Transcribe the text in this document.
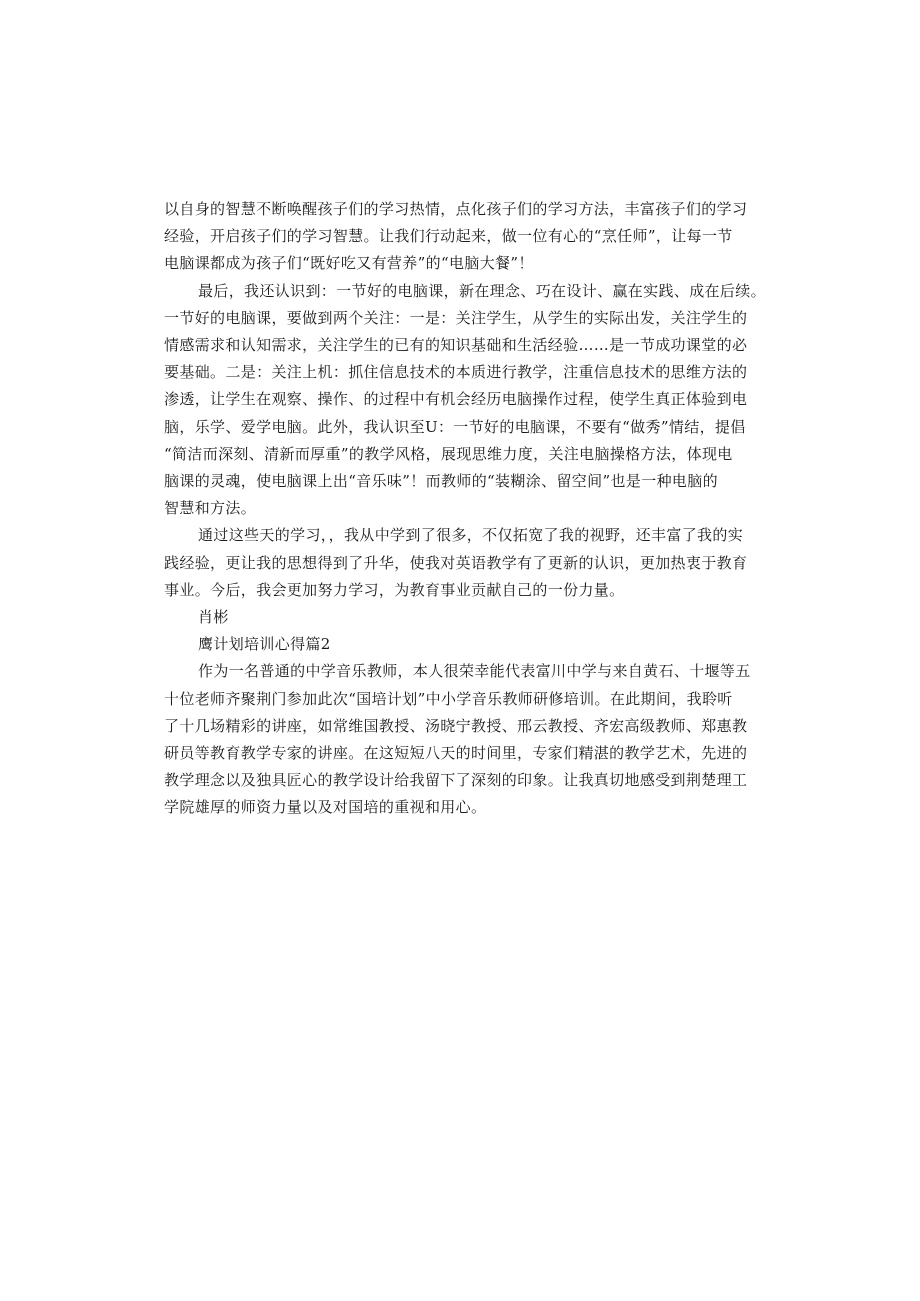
以自身的智慧不断唤醒孩子们的学习热情，点化孩子们的学习方法，丰富孩子们的学习
经验，开启孩子们的学习智慧。让我们行动起来，做一位有心的“烹任师”，让每一节
电脑课都成为孩子们“既好吃又有营养”的“电脑大餐”！

最后，我还认识到：一节好的电脑课，新在理念、巧在设计、赢在实践、成在后续。
一节好的电脑课，要做到两个关注：一是：关注学生，从学生的实际出发，关注学生的
情感需求和认知需求，关注学生的已有的知识基础和生活经验……是一节成功课堂的必
要基础。二是：关注上机：抓住信息技术的本质进行教学，注重信息技术的思维方法的
渗透，让学生在观察、操作、的过程中有机会经历电脑操作过程，使学生真正体验到电
脑，乐学、爱学电脑。此外，我认识至U：一节好的电脑课，不要有“做秀”情结，提倡
“简洁而深刻、清新而厚重”的教学风格，展现思维力度，关注电脑操格方法，体现电
脑课的灵魂，使电脑课上出“音乐味”！而教师的“装糊涂、留空间”也是一种电脑的
智慧和方法。

通过这些天的学习，，我从中学到了很多，不仅拓宽了我的视野，还丰富了我的实
践经验，更让我的思想得到了升华，使我对英语教学有了更新的认识，更加热衷于教育
事业。今后，我会更加努力学习，为教育事业贡献自己的一份力量。

肖彬

鹰计划培训心得篇2

作为一名普通的中学音乐教师，本人很荣幸能代表富川中学与来自黄石、十堰等五
十位老师齐聚荆门参加此次“国培计划”中小学音乐教师研修培训。在此期间，我聆听
了十几场精彩的讲座，如常维国教授、汤晓宁教授、邢云教授、齐宏高级教师、郑惠教
研员等教育教学专家的讲座。在这短短八天的时间里，专家们精湛的教学艺术，先进的
教学理念以及独具匠心的教学设计给我留下了深刻的印象。让我真切地感受到荆楚理工
学院雄厚的师资力量以及对国培的重视和用心。
